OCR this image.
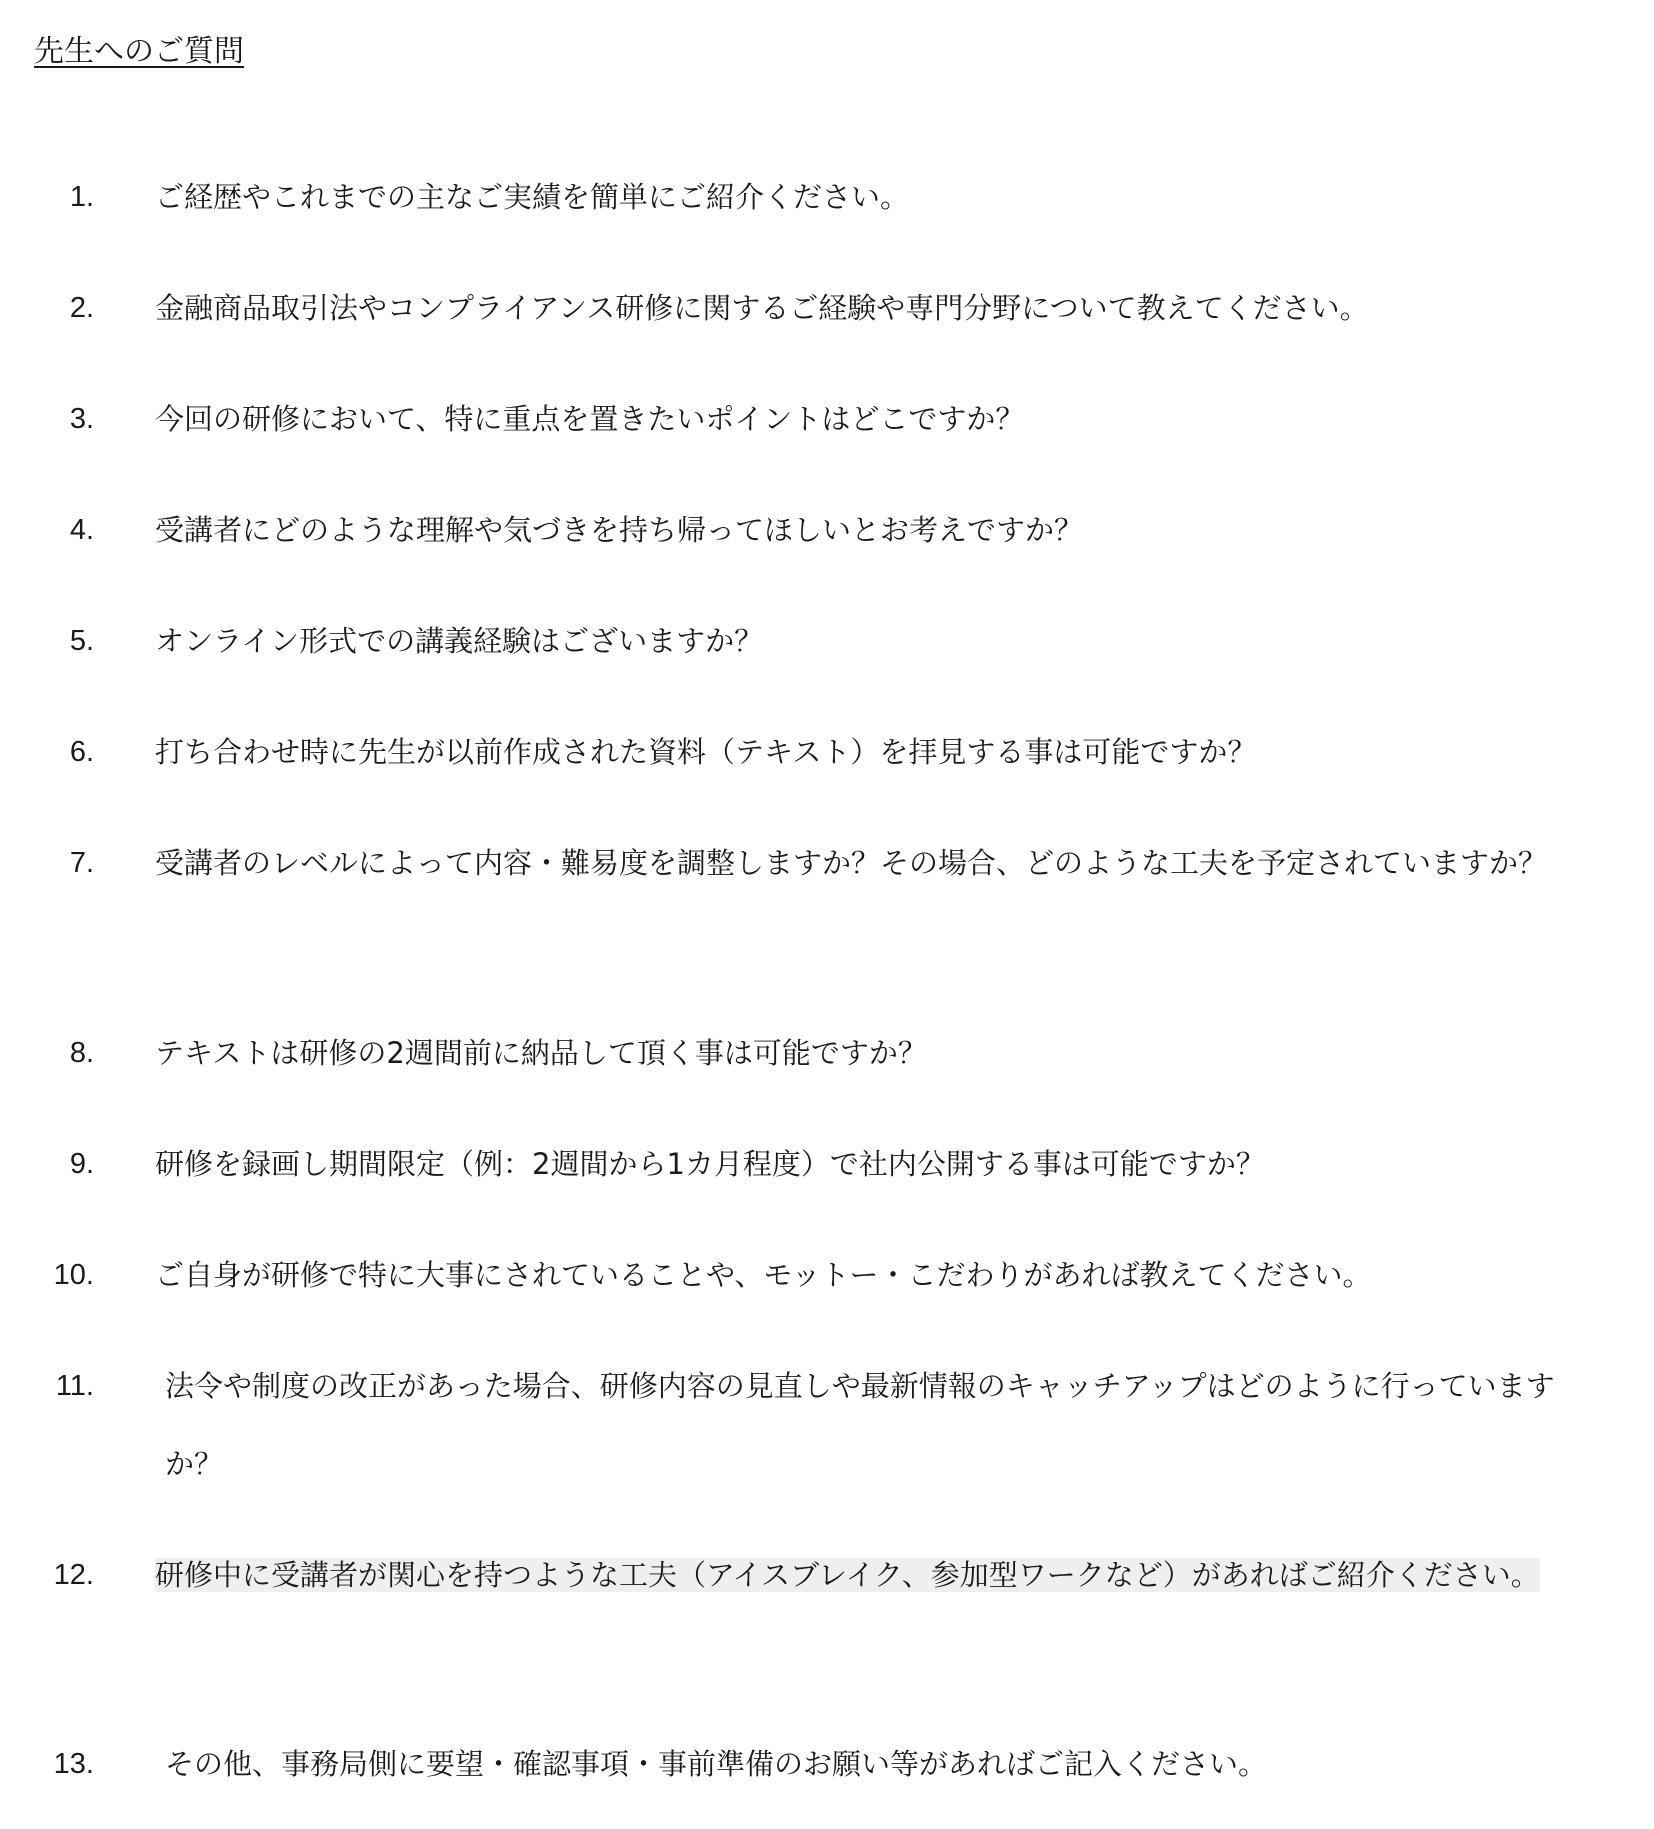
先生へのご質問
1. ご経歴やこれまでの主なご実績を簡単にご紹介ください。
2. 金融商品取引法やコンプライアンス研修に関するご経験や専門分野について教えてください。
3. 今回の研修において、特に重点を置きたいポイントはどこですか？
4. 受講者にどのような理解や気づきを持ち帰ってほしいとお考えですか？
5. オンライン形式での講義経験はございますか？
6. 打ち合わせ時に先生が以前作成された資料（テキスト）を拝見する事は可能ですか？
7. 受講者のレベルによって内容・難易度を調整しますか？その場合、どのような工夫を予定されていますか？
8. テキストは研修の2週間前に納品して頂く事は可能ですか？
9. 研修を録画し期間限定（例：2週間から1カ月程度）で社内公開する事は可能ですか？
10. ご自身が研修で特に大事にされていることや、モットー・こだわりがあれば教えてください。
11.	法令や制度の改正があった場合、研修内容の見直しや最新情報のキャッチアップはどのように行っていますか？
12. 研修中に受講者が関心を持つような工夫（アイスブレイク、参加型ワークなど）があればご紹介ください。
13.	その他、事務局側に要望・確認事項・事前準備のお願い等があればご記入ください。
